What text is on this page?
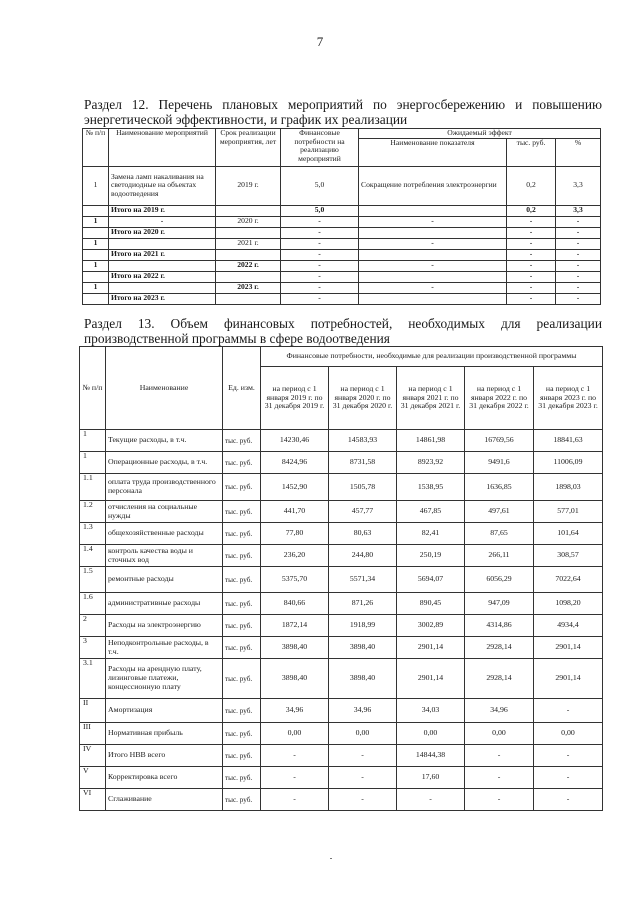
7
Раздел 12. Перечень плановых мероприятий по энергосбережению и повышению энергетической эффективности, и график их реализации
№ п/п	Наименование мероприятий	Срок реализации мероприятия, лет	Финансовые потребности на реализацию мероприятий	Ожидаемый эффект		
				Наименование показателя	тыс. руб.	%
1	Замена ламп накаливания на светодиодные на объектах водоотведения	2019 г.	5,0	Сокращение потребления электроэнергии	0,2	3,3
	Итого на 2019 г.		5,0		0,2	3,3
1	-	2020 г.	-	-	-	-
	Итого на 2020 г.		-		-	-
1		2021 г.	-	-	-	-
	Итого на 2021 г.		-		-	-
1		2022 г.	-	-	-	-
	Итого на 2022 г.		-		-	-
1		2023 г.	-	-	-	-
	Итого на 2023 г.		-		-	-
Раздел 13. Объем финансовых потребностей, необходимых для реализации производственной программы в сфере водоотведения
№ п/п	Наименование	Ед. изм.	Финансовые потребности, необходимые для реализации производственной программы				
			на период с 1 января 2019 г. по 31 декабря 2019 г.	на период с 1 января 2020 г. по 31 декабря 2020 г.	на период с 1 января 2021 г. по 31 декабря 2021 г.	на период с 1 января 2022 г. по 31 декабря 2022 г.	на период с 1 января 2023 г. по 31 декабря 2023 г.
1	Текущие расходы, в т.ч.	тыс. руб.	14230,46	14583,93	14861,98	16769,56	18841,63
1	Операционные расходы, в т.ч.	тыс. руб.	8424,96	8731,58	8923,92	9491,6	11006,09
1.1	оплата труда производственного персонала	тыс. руб.	1452,90	1505,78	1538,95	1636,85	1898,03
1.2	отчисления на социальные нужды	тыс. руб.	441,70	457,77	467,85	497,61	577,01
1.3	общехозяйственные расходы	тыс. руб.	77,80	80,63	82,41	87,65	101,64
1.4	контроль качества воды и сточных вод	тыс. руб.	236,20	244,80	250,19	266,11	308,57
1.5	ремонтные расходы	тыс. руб.	5375,70	5571,34	5694,07	6056,29	7022,64
1.6	административные расходы	тыс. руб.	840,66	871,26	890,45	947,09	1098,20
2	Расходы на электроэнергию	тыс. руб.	1872,14	1918,99	3002,89	4314,86	4934,4
3	Неподконтрольные расходы, в т.ч.	тыс. руб.	3898,40	3898,40	2901,14	2928,14	2901,14
3.1	Расходы на арендную плату, лизинговые платежи, концессионную плату	тыс. руб.	3898,40	3898,40	2901,14	2928,14	2901,14
II	Амортизация	тыс. руб.	34,96	34,96	34,03	34,96	-
III	Нормативная прибыль	тыс. руб.	0,00	0,00	0,00	0,00	0,00
IV	Итого НВВ всего	тыс. руб.	-	-	14844,38	-	-
V	Корректировка всего	тыс. руб.	-	-	17,60	-	-
VI	Сглаживание	тыс. руб.	-	-	-	-	-
